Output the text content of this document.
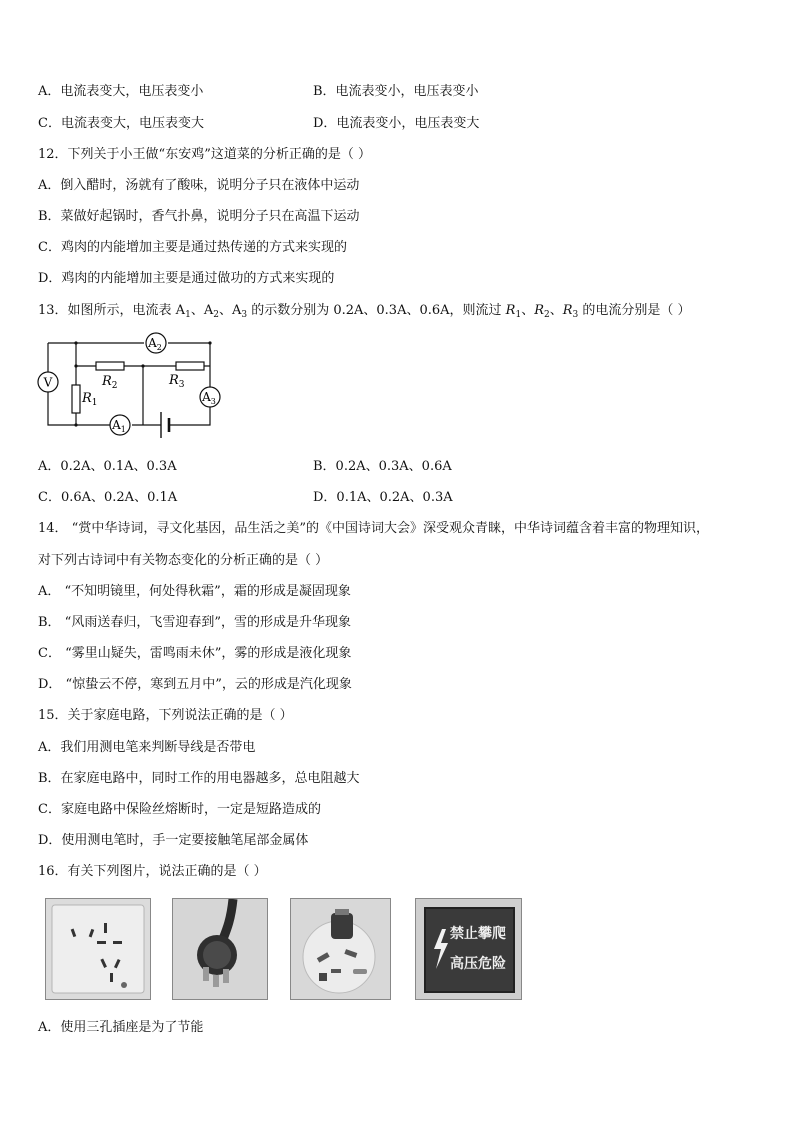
A．电流表变大，电压表变小	B．电流表变小，电压表变小
C．电流表变大，电压表变大	D．电流表变小，电压表变大
12．下列关于小王做“东安鸡”这道菜的分析正确的是（ ）
A．倒入醋时，汤就有了酸味，说明分子只在液体中运动
B．菜做好起锅时，香气扑鼻，说明分子只在高温下运动
C．鸡肉的内能增加主要是通过热传递的方式来实现的
D．鸡肉的内能增加主要是通过做功的方式来实现的
13．如图所示，电流表 $A_1$、$A_2$、$A_3$ 的示数分别为 0.2A、0.3A、0.6A，则流过 $R_1$、$R_2$、$R_3$ 的电流分别是（ ）
V
$A_2$
$A_3$
$A_1$
$R_2$	$R_3$
$R_1$
A．0.2A、0.1A、0.3A	B．0.2A、0.3A、0.6A
C．0.6A、0.2A、0.1A	D．0.1A、0.2A、0.3A
14． “赏中华诗词，寻文化基因，品生活之美”的《中国诗词大会》深受观众青睐，中华诗词蕴含着丰富的物理知识，
对下列古诗词中有关物态变化的分析正确的是（ ）
A． “不知明镜里，何处得秋霜”，霜的形成是凝固现象
B． “风雨送春归，飞雪迎春到”，雪的形成是升华现象
C． “雾里山疑失，雷鸣雨未休”，雾的形成是液化现象
D． “惊蛰云不停，寒到五月中”，云的形成是汽化现象
15．关于家庭电路，下列说法正确的是（ ）
A．我们用测电笔来判断导线是否带电
B．在家庭电路中，同时工作的用电器越多，总电阻越大
C．家庭电路中保险丝熔断时，一定是短路造成的
D．使用测电笔时，手一定要接触笔尾部金属体
16．有关下列图片，说法正确的是（ ）
禁止攀爬
高压危险
A．使用三孔插座是为了节能
